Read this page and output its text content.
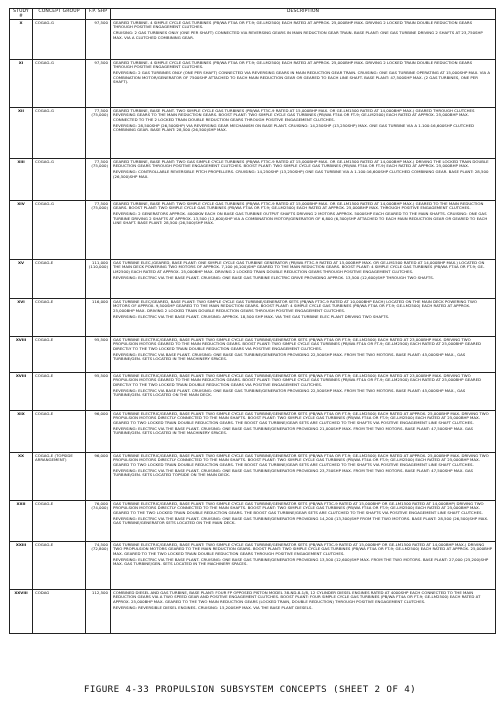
STUDY #	CONCEPT GROUP	F.P. SHP	DESCRIPTION
X	COGAG-G	97,500	GEARED TURBINE. 4 SIMPLE CYCLE GAS TURBINES (PB/WA FT4A OR FT-9; GE-LM2500) EACH RATED AT APPROX. 25,000BHP MAX. DRIVING 2 LOCKED TRAIN DOUBLE REDUCTION GEARS THROUGH POSITIVE ENGAGEMENT CLUTCHES.

CRUISING: 2 GAS TURBINES ONLY (ONE PER SHAFT) CONNECTED VIA REVERSING GEARS IN MAIN REDUCTION GEAR TRAIN. BASE PLANT: ONE GAS TURBINE DRIVING 2 SHAFTS AT 23,750SHP MAX. VIA A CLUTCHED COMBINING GEAR.

XI	COGAG-G	97,500	GEARED TURBINE. 4 SIMPLE CYCLE GAS TURBINES (PB/WA FT4A OR FT-9; GE-LM2500) EACH RATED AT APPROX. 25,000BHP MAX. DRIVING 2 LOCKED TRAIN DOUBLE REDUCTION GEARS THROUGH POSITIVE ENGAGEMENT CLUTCHES.

REVERSING: 2 GAS TURBINES ONLY (ONE PER SHAFT) CONNECTED VIA REVERSING GEARS IN MAIN REDUCTION GEAR TRAIN. CRUISING: ONE GAS TURBINE OPERATING AT 15,000SHP MAX. VIA A COMBINATION MOTOR/GENERATOR OF 7500SHP ATTACHED TO EACH MAIN REDUCTION GEAR OR GEARED TO EACH LINE SHAFT. BASE PLANT: 47,500SHP MAX. (2 GAS TURBINES, ONE PER SHAFT).

XII	COGAG-G	77,500 (75,000)	GEARED TURBINE, BASE PLANT. TWO SIMPLE CYCLE GAS TURBINES (PB/WA FT3C-9 RATED AT 15,000BHP MAX. OR GE-LM1500 RATED AT 14,000BHP MAX.) GEARED THROUGH CLUTCHES REVERSING GEARS TO THE MAIN REDUCTION GEARS. BOOST PLANT: TWO SIMPLE CYCLE GAS TURBINES (PB/WA FT4A OR FT-9; GE-LM2500) EACH RATED AT APPROX. 25,000BHP MAX. CONNECTED TO THE 2 LOCKED TRAIN DOUBLE REDUCTION GEARS THROUGH POSITIVE ENGAGEMENT CLUTCHES.

REVERSING: 28,500SHP (26,500SHP) VIA REVERSING GEAR MECHANISM ON BASE PLANT. CRUISING: 14,250SHP (13,250SHP) MAX. ONE GAS TURBINE VIA A 1.100:16,600SHP CLUTCHED COMBINING GEAR. BASE PLANT: 28,500 (26,500)SHP MAX.

XIII	COGAG-G	77,500 (75,000)	GEARED TURBINE, BASE PLANT: TWO GAS SIMPLE CYCLE TURBINES (PB/WA FT3C-9 RATED AT 15,000BHP MAX. OR GE-LM1500 RATED AT 14,000BHP MAX.) DRIVING THE LOCKED TRAIN DOUBLE REDUCTION GEARS THROUGH POSITIVE ENGAGEMENT CLUTCHES. BOOST PLANT: TWO SIMPLE CYCLE GAS TURBINES (PB/WA FT4A OR FT-9) EACH RATED AT APPROX. 25,000BHP MAX.

REVERSING: CONTROLLABLE REVERSIBLE PITCH PROPELLERS. CRUISING: 14,250SHP (13,250SHP) ONE GAS TURBINE VIA A 1.100:16,600SHP CLUTCHED COMBINING GEAR. BASE PLANT: 28,500 (26,500)SHP MAX.

XIV	COGAG-G	77,500 (75,000)	GEARED TURBINE, BASE PLANT: TWO SIMPLE CYCLE GAS TURBINES (PB/WA FT3C-9 RATED AT 15,000BHP MAX. OR GE-LM1500 RATED AT 14,000BHP MAX.) GEARED TO THE MAIN REDUCTION GEARS. BOOST PLANT: TWO SIMPLE CYCLE GAS TURBINES (PB/WA FT4A OR FT-9; GE-LM2500) EACH RATED AT APPROX. 25,000BHP MAX. THROUGH POSITIVE ENGAGEMENT CLUTCHES.

REVERSING: 2 GENERATORS APPROX. 4000KW EACH ON BASE GAS TURBINE OUTPUT SHAFTS DRIVING 2 MOTORS APPROX. 5000SHP EACH GEARED TO THE MAIN SHAFTS. CRUISING: ONE GAS TURBINE DRIVING 2 SHAFTS AT APPROX. 13,500 (12,600)SHP VIA A COMBINATION MOTOR/GENERATOR OF 6,800 (6,300)SHP ATTACHED TO EACH MAIN REDUCTION GEAR OR GEARED TO EACH LINE SHAFT. BASE PLANT: 28,500 (26,500)SHP MAX.

XV	COGAG-E	111,000 (110,000)	GAS TURBINE ELEC./GEARED, BASE PLANT: ONE SIMPLE CYCLE GAS TURBINE GENERATOR (PB/WA FT3C-9 RATED AT 15,000BHP MAX. OR GE-LM1500 RATED AT 14,000BHP MAX.) LOCATED ON THE MAIN DECK POWERING TWO MOTORS OF APPROX. 7,100 (6,100)SHP GEARED TO THE MAIN REDUCTION GEARS. BOOST PLANT: 4 SIMPLE CYCLE GAS TURBINES (PB/WA FT4A OR FT-9; GE-LM2500) EACH RATED AT APPROX. 25,000BHP MAX. DRIVING 2 LOCKED TRAIN DOUBLE REDUCTION GEARS THROUGH POSITIVE ENGAGEMENT CLUTCHES.

REVERSING: ELECTRIC VIA THE BASE PLANT. CRUISING: ONE BASE GAS TURBINE ELECTRIC DRIVE PROVIDING APPROX. 13,500 (12,600)SHP THROUGH TWO SHAFTS.

XVI	COGAG-E	116,000	GAS TURBINE ELEC/GEARED, BASE PLANT: TWO SIMPLE CYCLE GAS TURBINE/GENERATOR SETS (PB/WA FT3C-9 RATED AT 10,000BHP EACH) LOCATED ON THE MAIN DECK POWERING TWO MOTORS OF APPROX. 9,500SHP GEARED TO THE MAIN REDUCTION GEARS. BOOST PLANT: 4 SIMPLE CYCLE GAS TURBINES (PB/WA FT4A OR FT-9; GE-LM2500) EACH RATED AT APPROX. 25,000BHP MAX. DRIVING 2 LOCKED TRAIN DOUBLE REDUCTION GEARS THROUGH POSITIVE ENGAGEMENT CLUTCHES.

REVERSING: ELECTRIC VIA THE BASE PLANT. CRUISING: APPROX. 18,500 SHP MAX. VIA THE GAS TURBINE ELEC PLANT DRIVING TWO SHAFTS.

XVIII	COGAG-E	95,500	GAS TURBINE ELECTRIC/GEARED, BASE PLANT: TWO SIMPLE CYCLE GAS TURBINE/GENERATOR SETS (PB/WA FT4A OR FT-9; GE-LM2500) EACH RATED AT 23,000BHP MAX. DRIVING TWO PROPULSION MOTORS GEARED TO THE MAIN REDUCTION GEARS. BOOST PLANT: TWO SIMPLE CYCLE GAS TURBINES (PB/WA FT4A OR FT-9; GE-LM2500) EACH RATED AT 25,000BHP GEARED DIRECTLY TO THE TWO LOCKED TRAIN DOUBLE REDUCTION GEARS VIA POSITIVE ENGAGEMENT CLUTCHES.

REVERSING: ELECTRIC VIA BASE PLANT. CRUISING: ONE BASE GAS TURBINE/GENERATOR PROVIDING 22,500SHP MAX. FROM THE TWO MOTORS. BASE PLANT: 45,000SHP MAX., GAS TURBINE/GEN. SETS LOCATED IN THE MACHINERY SPACES.

XVIII	COGAG-E	95,500	GAS TURBINE ELECTRIC/GEARED, BASE PLANT: TWO SIMPLE CYCLE GAS TURBINE/GENERATOR SETS (PB/WA FT4A OR FT-9; GE-LM2500) EACH RATED AT 23,000BHP MAX. DRIVING TWO PROPULSION MOTORS GEARED TO THE MAIN REDUCTION GEARS. BOOST PLANT: TWO SIMPLE CYCLE GAS TURBINES (PB/WA FT4A OR FT-9; GE-LM2500) EACH RATED AT 25,000BHP GEARED DIRECTLY TO THE TWO LOCKED TRAIN DOUBLE REDUCTION GEARS VIA POSITIVE ENGAGEMENT CLUTCHES.

REVERSING: ELECTRIC VIA BASE PLANT. CRUISING: ONE BASE GAS TURBINE/GENERATOR PROVIDING 22,500SHP MAX. FROM THE TWO MOTORS. BASE PLANT: 45,000SHP MAX., GAS TURBINE/GEN. SETS LOCATED ON THE MAIN DECK.

XIX	COGAG-E	96,000	GAS TURBINE ELECTRIC/GEARED, BASE PLANT: TWO SIMPLE CYCLE GAS TURBINE/GENERATOR SETS (PB/WA FT4A OR FT-9; GE-LM2500) EACH RATED AT APPROX. 25,000BHP MAX. DRIVING TWO PROPULSION MOTORS DIRECTLY CONNECTED TO THE MAIN SHAFTS. BOOST PLANT: TWO SIMPLE CYCLE GAS TURBINES (PB/WA FT4A OR FT-9; GE-LM2500) EACH RATED AT 25,000BHP MAX. GEARED TO TWO LOCKED TRAIN DOUBLE REDUCTION GEARS. THE BOOST GAS TURBINE/GEAR SETS ARE CLUTCHED TO THE SHAFTS VIA POSITIVE ENGAGEMENT LINE SHAFT CLUTCHES.

REVERSING: ELECTRIC VIA THE BASE PLANT. CRUISING: ONE BASE GAS TURBINE/GENERATOR PROVIDING 21,000SHP MAX. FROM THE TWO MOTORS. BASE PLANT: 47,500SHP MAX. GAS TURBINE/GEN. SETS LOCATED IN THE MACHINERY SPACES.

XX	COGAG-E (TOPSIDE ARRANGEMENT)	96,000	GAS TURBINE ELECTRIC/GEARED, BASE PLANT: TWO SIMPLE CYCLE GAS TURBINE/GENERATOR SETS (PB/WA FT4A OR FT-9; GE-LM2500) EACH RATED AT APPROX. 25,000BHP MAX. DRIVING TWO PROPULSION MOTORS DIRECTLY CONNECTED TO THE MAIN SHAFTS. BOOST PLANT: TWO SIMPLE CYCLE GAS TURBINES (PB/WA FT4A OR FT-9; GE-LM2500) EACH RATED AT 25,000BHP MAX. GEARED TO TWO LOCKED TRAIN DOUBLE REDUCTION GEARS. THE BOOST GAS TURBINE/GEAR SETS ARE CLUTCHED TO THE SHAFTS VIA POSITIVE ENGAGEMENT LINE SHAFT CLUTCHES.

REVERSING: ELECTRIC VIA THE BASE PLANT. CRUISING: ONE BASE GAS TURBINE/GENERATOR PROVIDING 23,750SHP MAX. FROM THE TWO MOTORS. BASE PLANT: 47,500SHP MAX. GAS TURBINE/GEN. SETS LOCATED TOPSIDE ON THE MAIN DECK.

XXII	COGAG-E	76,000 (74,000)	GAS TURBINE ELECTRIC/GEARED, BASE PLANT: TWO SIMPLE CYCLE GAS TURBINE/GENERATOR SETS (PB/WA FT3C-9 RATED AT 15,000BHP OR GE-LM1500 RATED AT 14,000BHP) DRIVING TWO PROPULSION MOTORS DIRECTLY CONNECTED TO THE MAIN SHAFTS. BOOST PLANT: TWO SIMPLE CYCLE GAS TURBINES (PB/WA FT4A OR FT-9; GE-LM2500) EACH RATED AT 25,000BHP MAX. GEARED TO THE TWO LOCKED TRAIN DOUBLE REDUCTION GEARS. THE BOOST GAS TURBINE/GEAR SETS ARE CLUTCHED TO THE SHAFTS VIA POSITIVE ENGAGEMENT LINE SHAFT CLUTCHES.

REVERSING: ELECTRIC VIA THE BASE PLANT. CRUISING: ONE BASE GAS TURBINE/GENERATOR PROVIDING 14,200 (13,300)SHP FROM THE TWO MOTORS. BASE PLANT: 28,500 (26,500)SHP MAX. GAS TURBINE/GENERATOR SETS LOCATED ON THE MAIN DECK.

XXIII	COGAG-E	74,500 (72,800)	GAS TURBINE ELECTRIC/GEARED, BASE PLANT: TWO SIMPLE CYCLE GAS TURBINE/GENERATOR SETS (PB/WA FT3C-9 RATED AT 15,000BHP OR GE-LM1500 RATED AT 14,000BHP MAX.) DRIVING TWO PROPULSION MOTORS GEARED TO THE MAIN REDUCTION GEARS. BOOST PLANT: TWO SIMPLE CYCLE GAS TURBINES (PB/WA FT4A OR FT-9; GE-LM2500) EACH RATED AT APPROX. 25,000BHP MAX. GEARED TO THE TWO LOCKED TRAIN DOUBLE REDUCTION GEARS THROUGH POSITIVE ENGAGEMENT CLUTCHES.

REVERSING: ELECTRIC VIA THE BASE PLANT. CRUISING: ONE BASE GAS TURBINE/GENERATOR PROVIDING 13,500 (12,600)SHP MAX. FROM THE TWO MOTORS. BASE PLANT: 27,000 (25,200)SHP MAX. GAS TURBINE/GEN. SETS LOCATED IN THE MACHINERY SPACES.

XXVIII	CODAG	112,500	COMBINED DIESEL AND GAS TURBINE, BASE PLANT: FOUR FP OPPOSED PISTON MODEL 38-ND-8-1/8, 12 CYLINDER DIESEL ENGINES RATED AT 4000SHP EACH CONNECTED TO THE MAIN REDUCTION GEARS VIA A TWO SPEED GEAR AND POSITIVE ENGAGEMENT CLUTCHES. BOOST PLANT: FOUR SIMPLE CYCLE GAS TURBINES (PB/WA FT4A OR FT-9; GE-LM2500) EACH RATED AT APPROX. 25,000BHP MAX. GEARED TO THE TWO MAIN REDUCTION GEARS (LOCKED TRAIN, DOUBLE REDUCTION) THROUGH POSITIVE ENGAGEMENT CLUTCHES.

REVERSING: REVERSIBLE DIESEL ENGINES. CRUISING: 15,200SHP MAX. VIA THE BASE PLANT DIESELS.

FIGURE 4-33 PROPULSION SUBSYSTEM CONCEPTS (SHEET 2 OF 4)
